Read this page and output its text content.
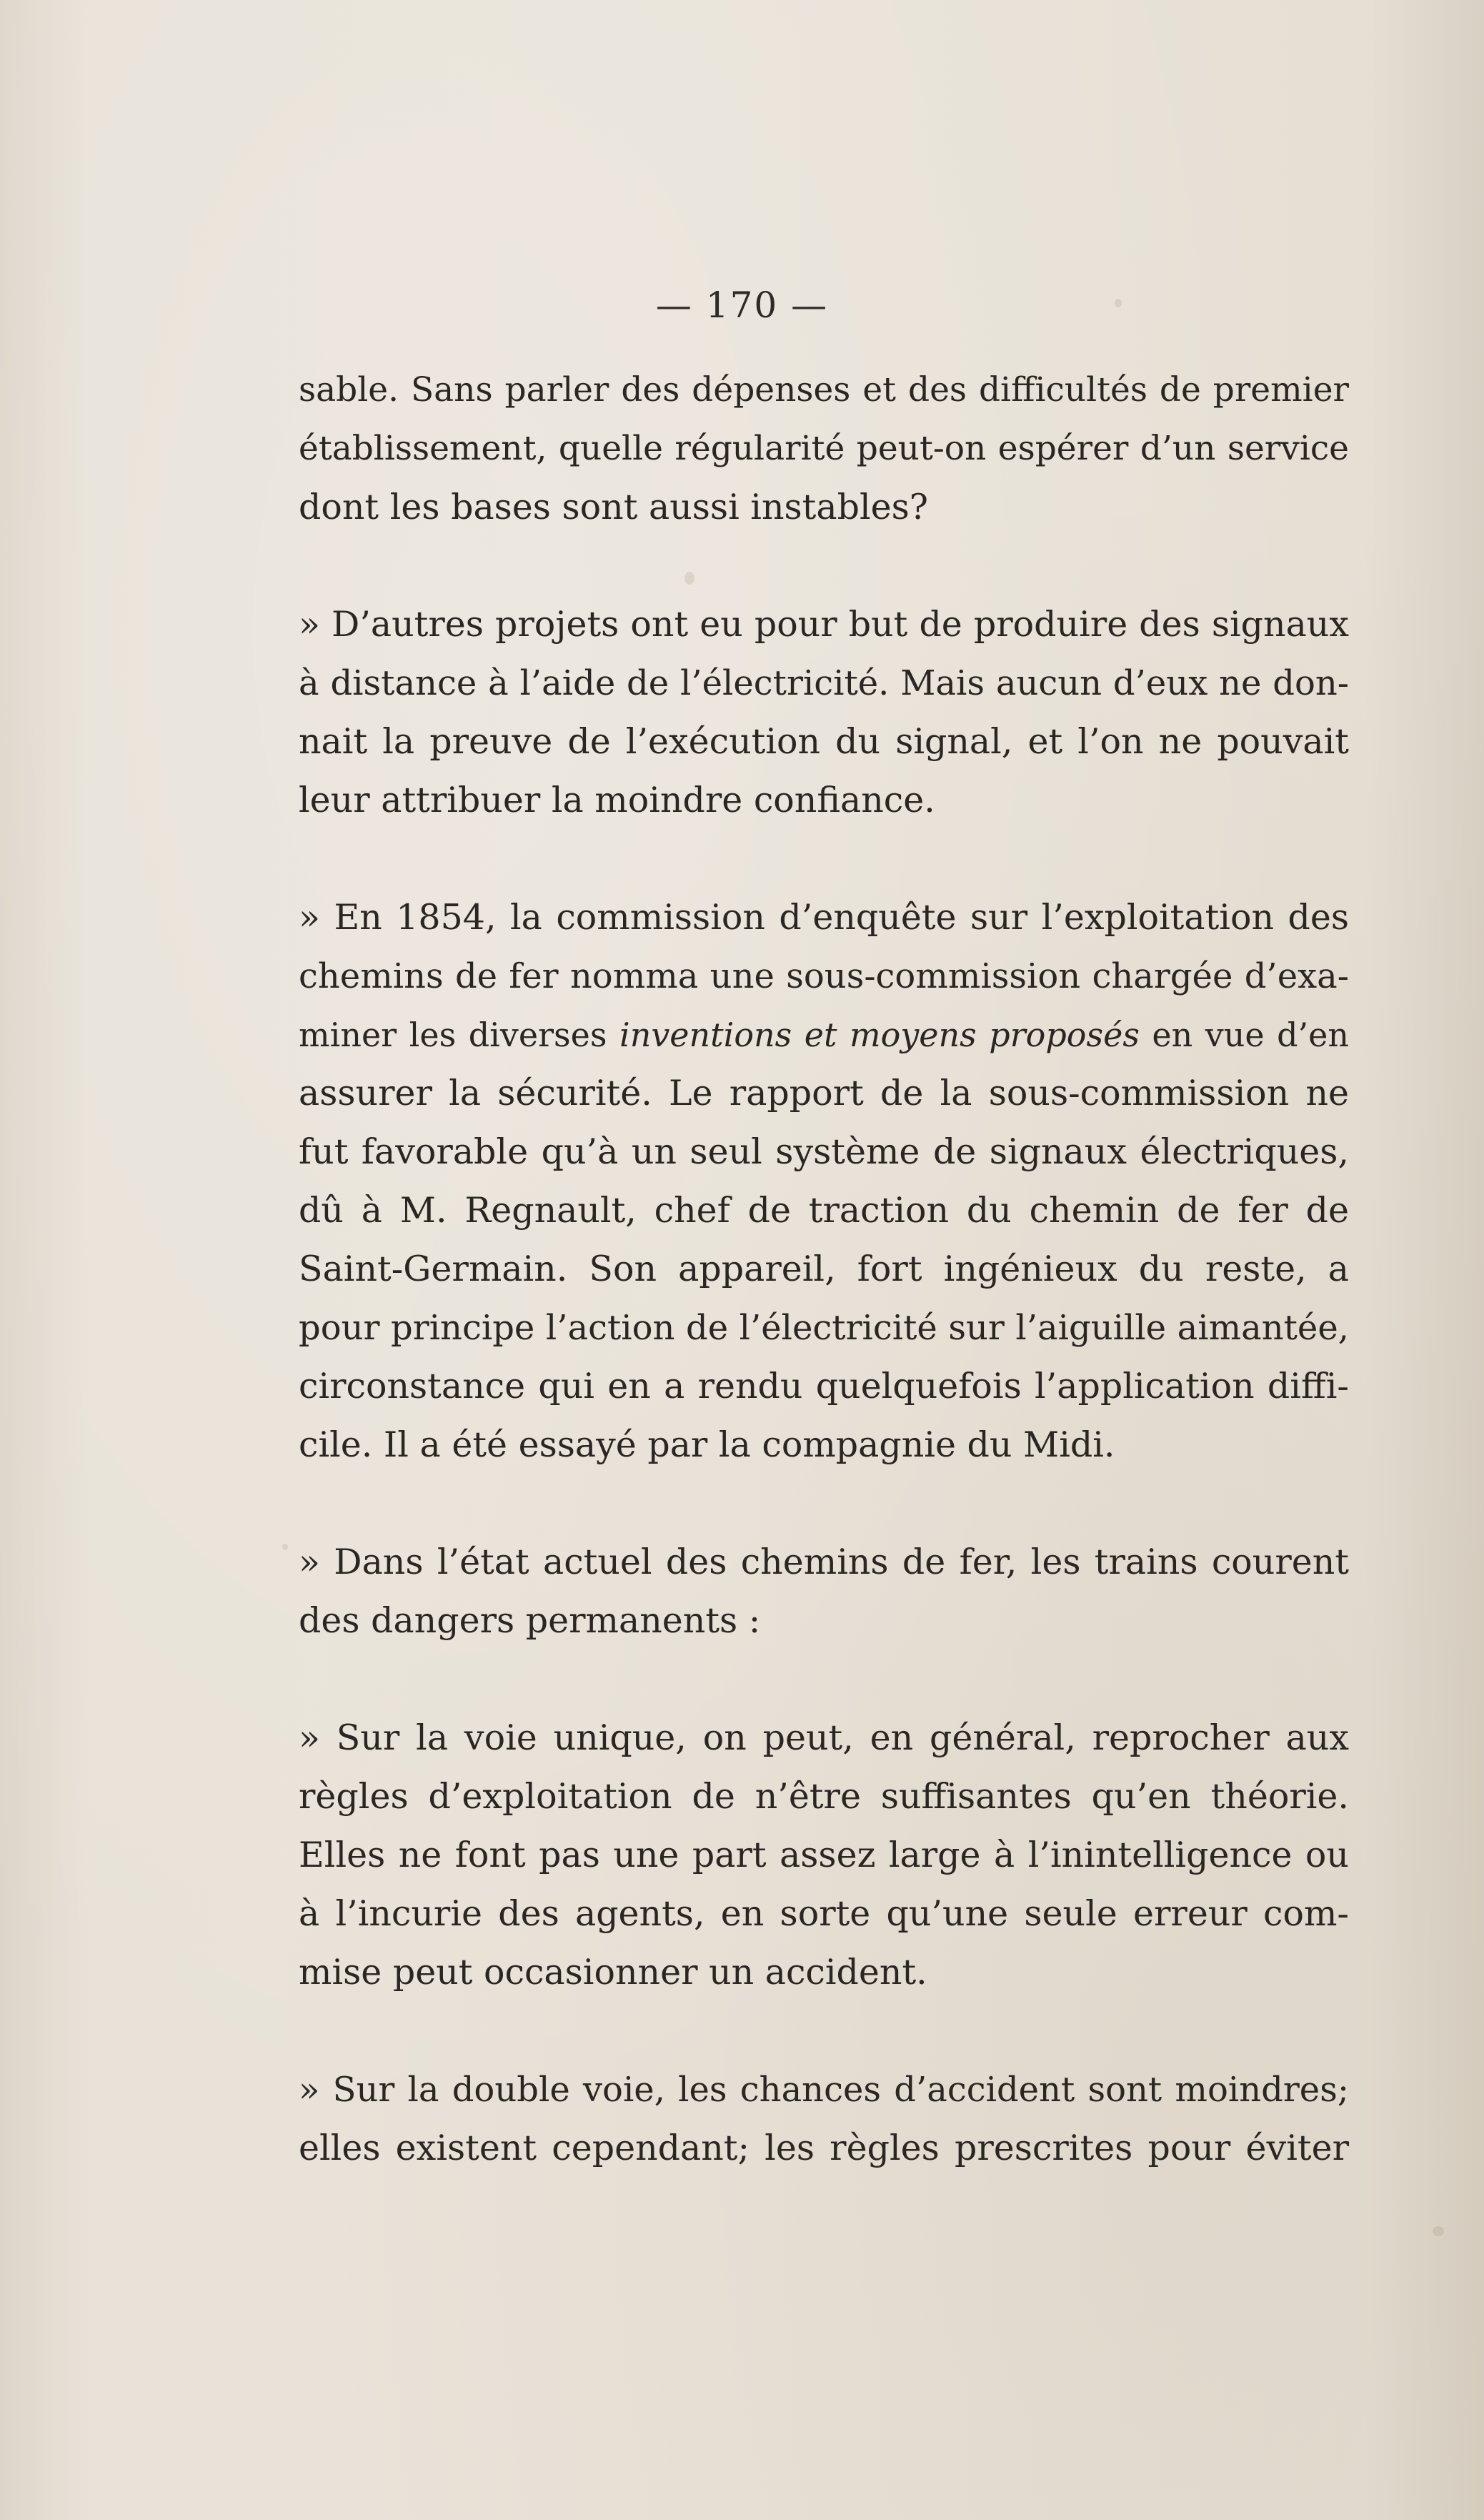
— 170 —
sable. Sans parler des dépenses et des difficultés de premier
établissement, quelle régularité peut-on espérer d’un service
dont les bases sont aussi instables?
» D’autres projets ont eu pour but de produire des signaux
à distance à l’aide de l’électricité. Mais aucun d’eux ne don-
nait la preuve de l’exécution du signal, et l’on ne pouvait
leur attribuer la moindre confiance.
» En 1854, la commission d’enquête sur l’exploitation des
chemins de fer nomma une sous-commission chargée d’exa-
miner les diverses inventions et moyens proposés en vue d’en
assurer la sécurité. Le rapport de la sous-commission ne
fut favorable qu’à un seul système de signaux électriques,
dû à M. Regnault, chef de traction du chemin de fer de
Saint-Germain. Son appareil, fort ingénieux du reste, a
pour principe l’action de l’électricité sur l’aiguille aimantée,
circonstance qui en a rendu quelquefois l’application diffi-
cile. Il a été essayé par la compagnie du Midi.
» Dans l’état actuel des chemins de fer, les trains courent
des dangers permanents :
» Sur la voie unique, on peut, en général, reprocher aux
règles d’exploitation de n’être suffisantes qu’en théorie.
Elles ne font pas une part assez large à l’inintelligence ou
à l’incurie des agents, en sorte qu’une seule erreur com-
mise peut occasionner un accident.
» Sur la double voie, les chances d’accident sont moindres;
elles existent cependant; les règles prescrites pour éviter
